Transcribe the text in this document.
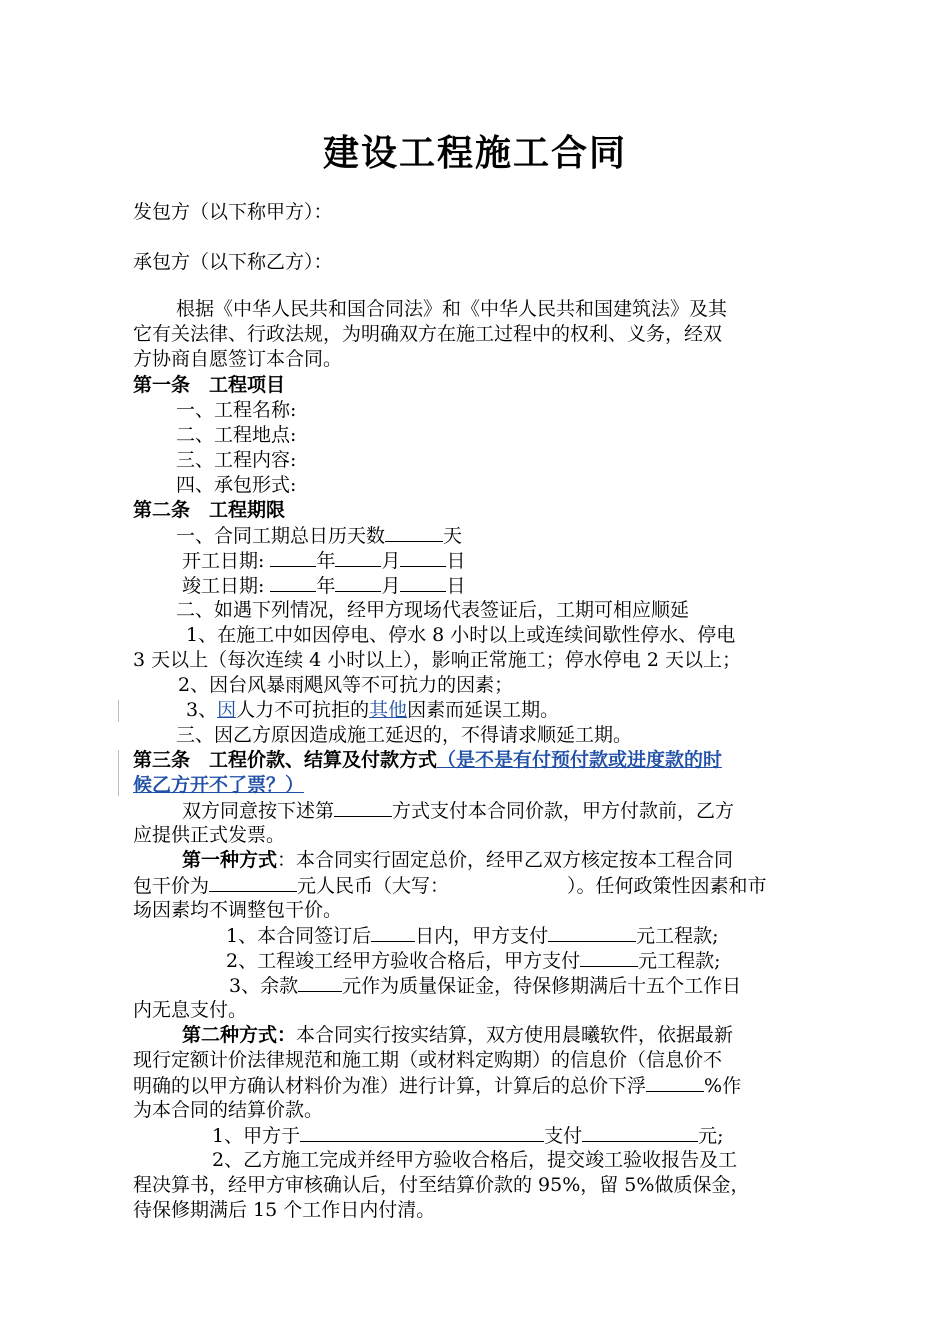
建设工程施工合同
发包方（以下称甲方）：
承包方（以下称乙方）：
根据《中华人民共和国合同法》和《中华人民共和国建筑法》及其
它有关法律、行政法规，为明确双方在施工过程中的权利、义务，经双
方协商自愿签订本合同。
第一条　工程项目
一、工程名称:
二、工程地点:
三、工程内容:
四、承包形式:
第二条　工程期限
一、合同工期总日历天数	天
开工日期:	年 月 日
竣工日期:	年 月 日
二、如遇下列情况，经甲方现场代表签证后，工期可相应顺延
1、在施工中如因停电、停水 8 小时以上或连续间歇性停水、停电
3 天以上（每次连续 4 小时以上），影响正常施工；停水停电 2 天以上；
2、因台风暴雨飓风等不可抗力的因素；
3、因人力不可抗拒的其他因素而延误工期。
三、因乙方原因造成施工延迟的，不得请求顺延工期。
第三条　工程价款、结算及付款方式（是不是有付预付款或进度款的时
候乙方开不了票？）
双方同意按下述第	方式支付本合同价款，甲方付款前，乙方
应提供正式发票。
第一种方式：本合同实行固定总价，经甲乙双方核定按本工程合同
包干价为	元人民币（大写：	）。任何政策性因素和市
场因素均不调整包干价。
1、本合同签订后 日内，甲方支付	元工程款;
2、工程竣工经甲方验收合格后，甲方支付	元工程款;
3、余款 元作为质量保证金，待保修期满后十五个工作日
内无息支付。
第二种方式：本合同实行按实结算，双方使用晨曦软件，依据最新
现行定额计价法律规范和施工期（或材料定购期）的信息价（信息价不
明确的以甲方确认材料价为准）进行计算，计算后的总价下浮	%作
为本合同的结算价款。
1、甲方于	支付	元;
2、乙方施工完成并经甲方验收合格后，提交竣工验收报告及工
程决算书，经甲方审核确认后，付至结算价款的 95%，留 5%做质保金，
待保修期满后 15 个工作日内付清。
